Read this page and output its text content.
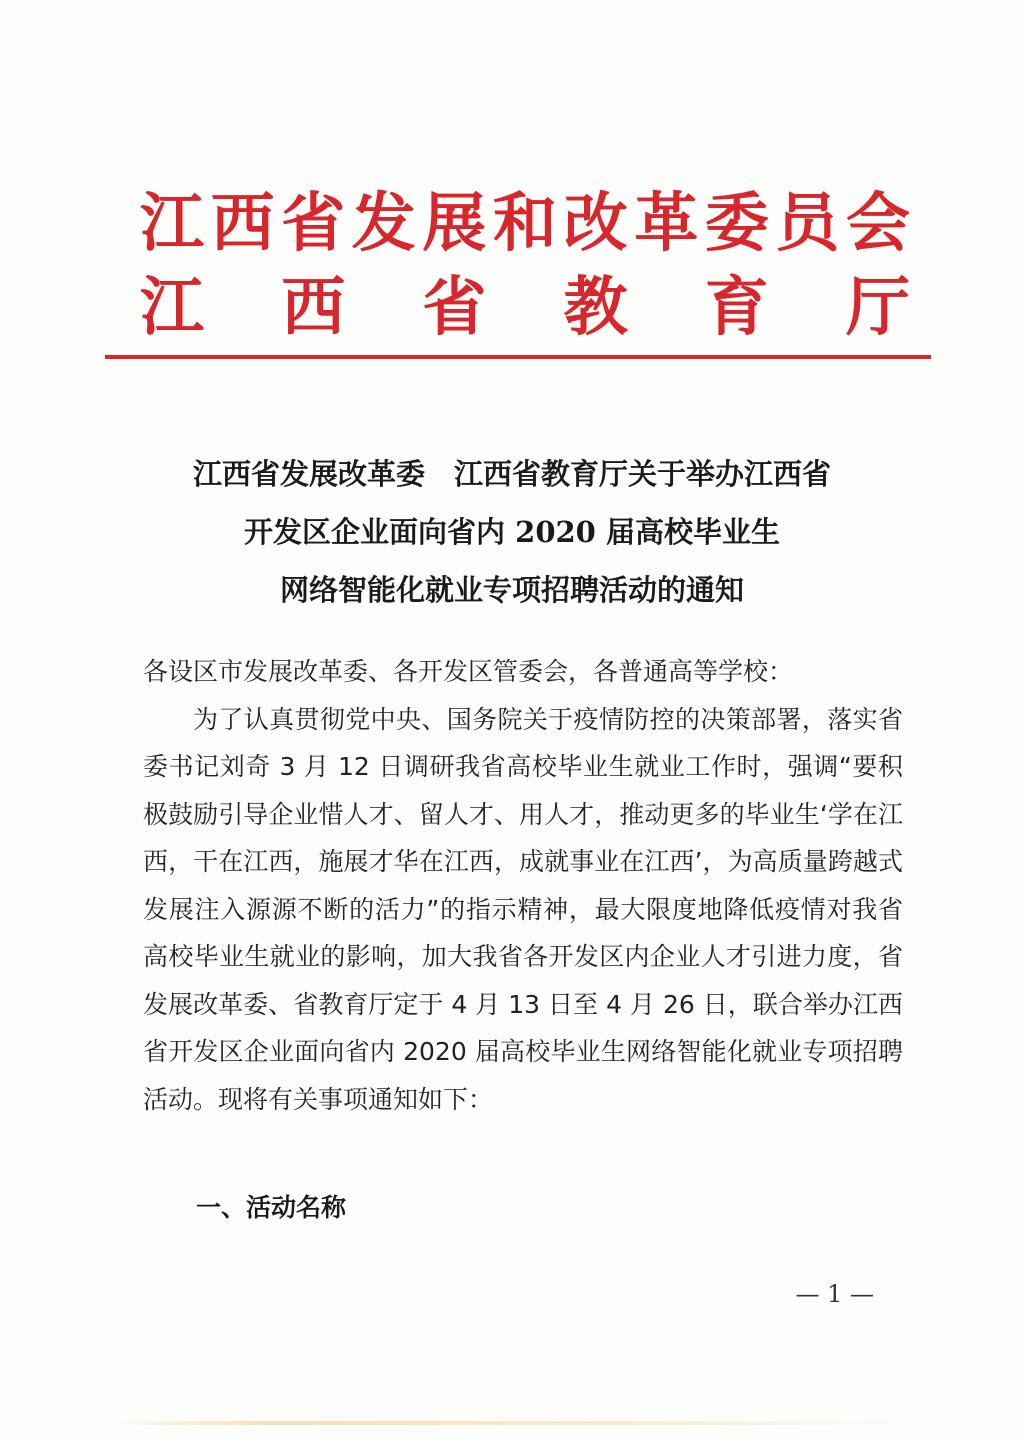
江西省发展和改革委员会
江 西 省 教 育 厅
江西省发展改革委　江西省教育厅关于举办江西省
开发区企业面向省内 2020 届高校毕业生
网络智能化就业专项招聘活动的通知

各设区市发展改革委、各开发区管委会，各普通高等学校：

为了认真贯彻党中央、国务院关于疫情防控的决策部署，落实省委书记刘奇 3 月 12 日调研我省高校毕业生就业工作时，强调“要积极鼓励引导企业惜人才、留人才、用人才，推动更多的毕业生‘学在江西，干在江西，施展才华在江西，成就事业在江西’，为高质量跨越式发展注入源源不断的活力”的指示精神，最大限度地降低疫情对我省高校毕业生就业的影响，加大我省各开发区内企业人才引进力度，省发展改革委、省教育厅定于 4 月 13 日至 4 月 26 日，联合举办江西省开发区企业面向省内 2020 届高校毕业生网络智能化就业专项招聘活动。现将有关事项通知如下：

一、活动名称
— 1 —
